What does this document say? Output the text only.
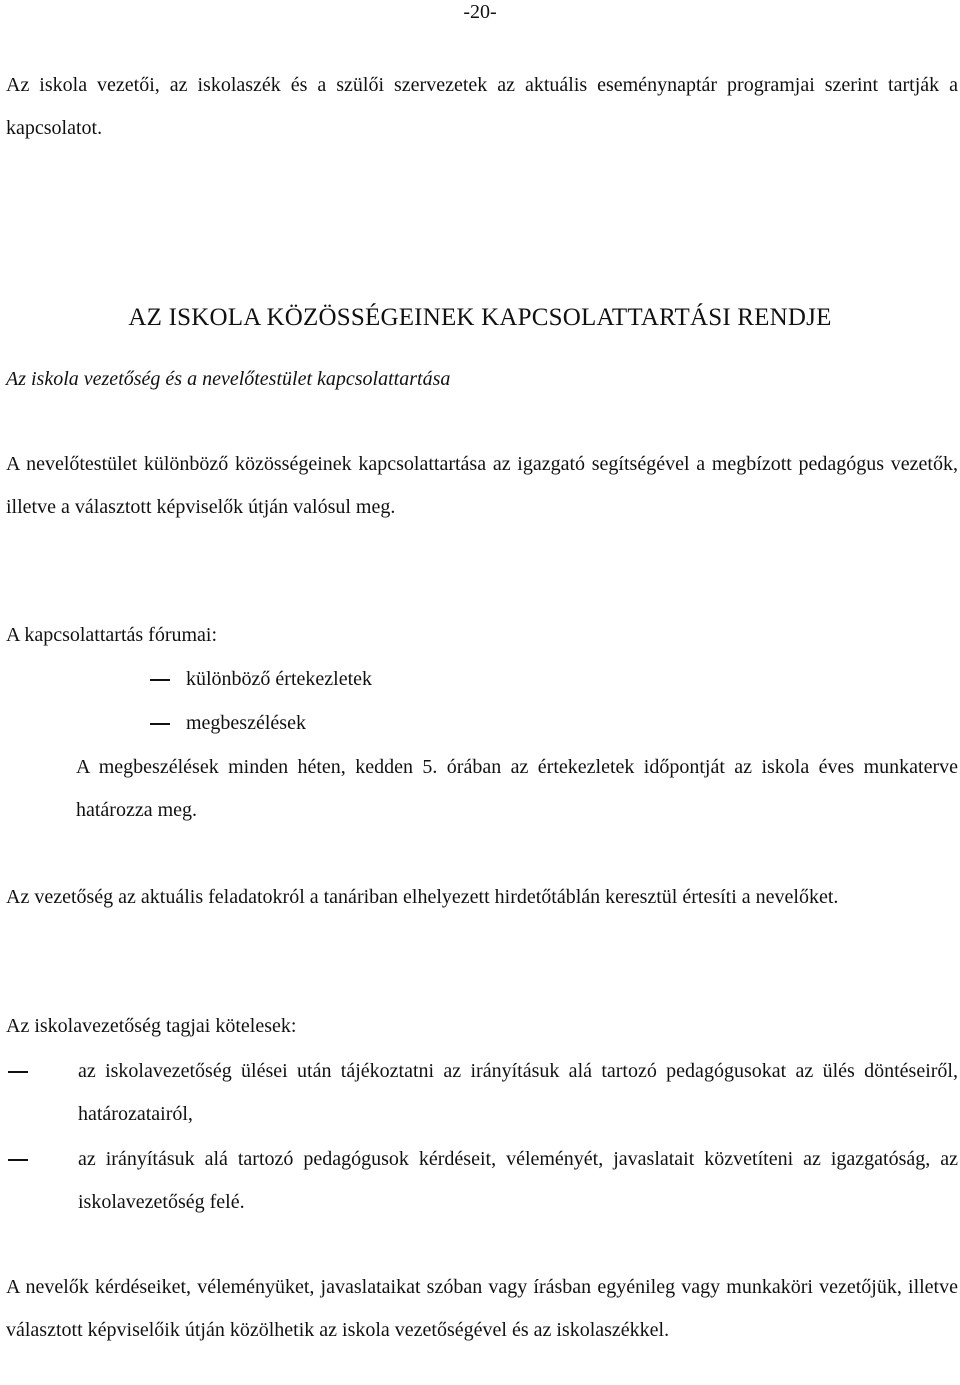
-20-

Az iskola vezetői, az iskolaszék és a szülői szervezetek az aktuális eseménynaptár programjai szerint tartják a kapcsolatot.

AZ ISKOLA KÖZÖSSÉGEINEK KAPCSOLATTARTÁSI RENDJE
Az iskola vezetőség és a nevelőtestület kapcsolattartása

A nevelőtestület különböző közösségeinek kapcsolattartása az igazgató segítségével a megbízott pedagógus vezetők, illetve a választott képviselők útján valósul meg.

A kapcsolattartás fórumai:
különböző értekezletek
megbeszélések

A megbeszélések minden héten, kedden 5. órában az értekezletek időpontját az iskola éves munkaterve határozza meg.

Az vezetőség az aktuális feladatokról a tanáriban elhelyezett hirdetőtáblán keresztül értesíti a nevelőket.

Az iskolavezetőség tagjai kötelesek:

az iskolavezetőség ülései után tájékoztatni az irányításuk alá tartozó pedagógusokat az ülés döntéseiről, határozatairól,

az irányításuk alá tartozó pedagógusok kérdéseit, véleményét, javaslatait közvetíteni az igazgatóság, az iskolavezetőség felé.

A nevelők kérdéseiket, véleményüket, javaslataikat szóban vagy írásban egyénileg vagy munkaköri vezetőjük, illetve választott képviselőik útján közölhetik az iskola vezetőségével és az iskolaszékkel.
